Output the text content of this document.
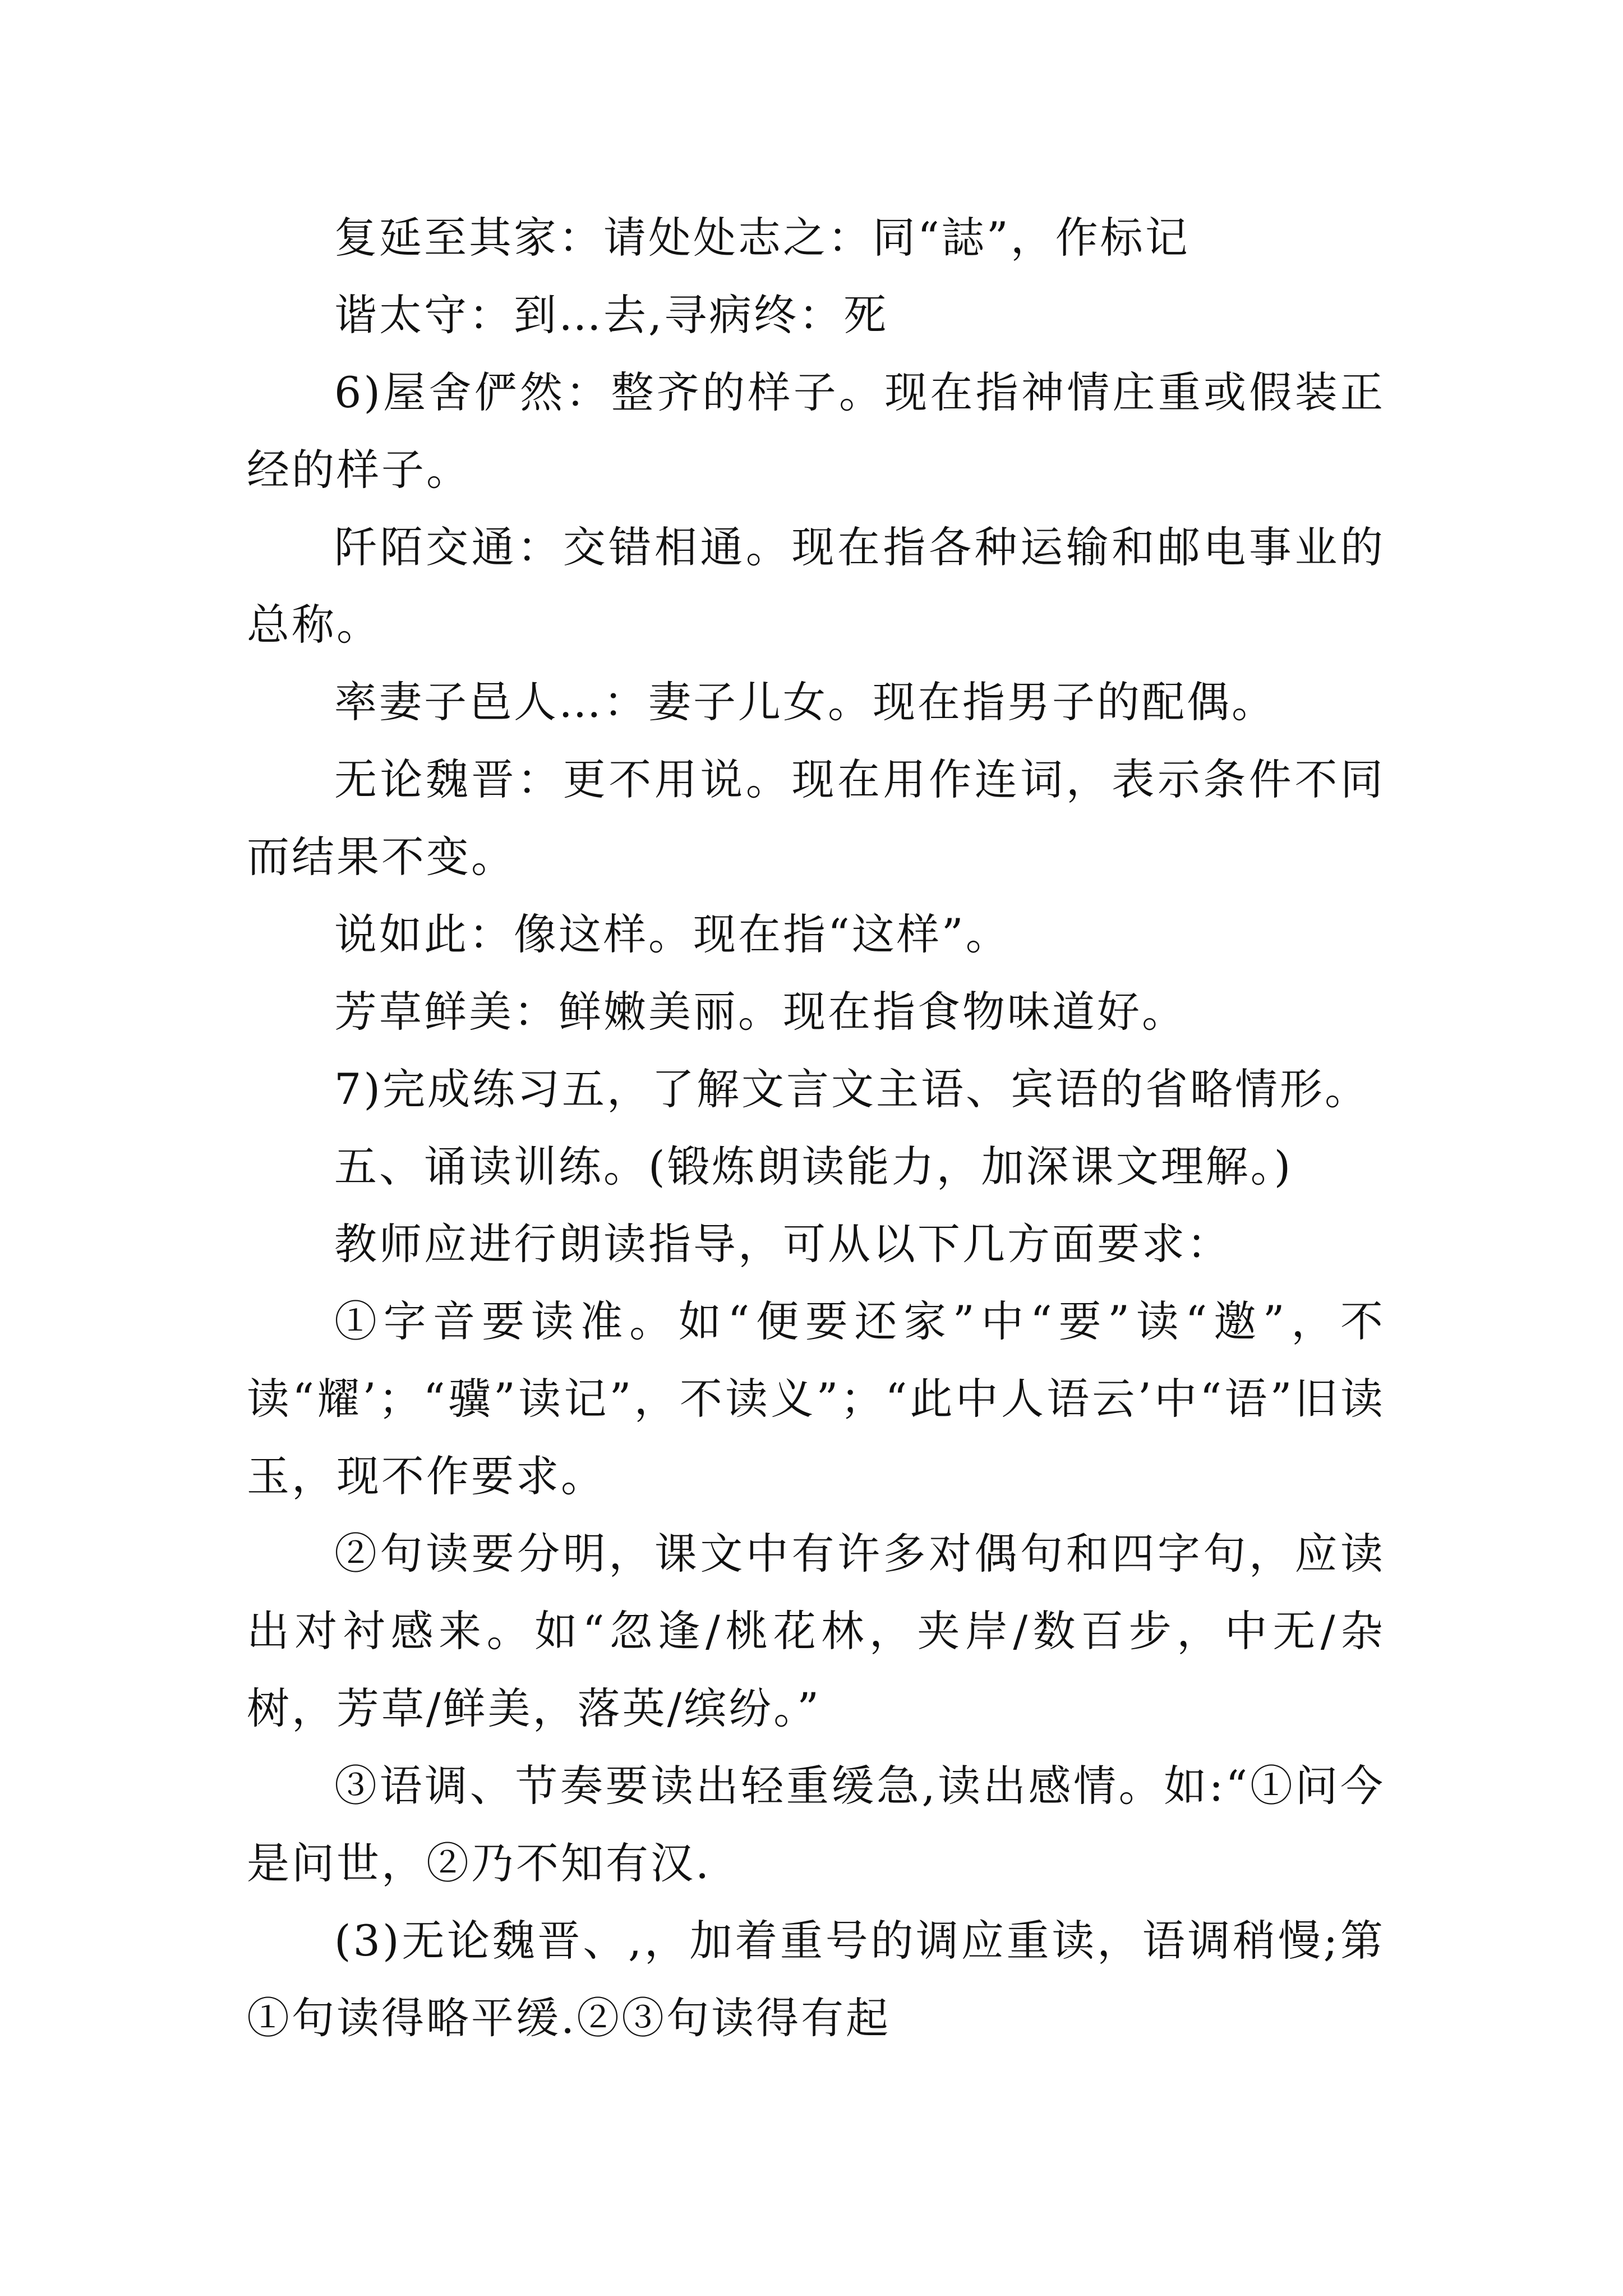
复延至其家：请处处志之：同“誌”，作标记

谐太守：到…去,寻病终：死

6)屋舍俨然：整齐的样子。现在指神情庄重或假装正经的样子。

阡陌交通：交错相通。现在指各种运输和邮电事业的总称。

率妻子邑人…：妻子儿女。现在指男子的配偶。

无论魏晋：更不用说。现在用作连词，表示条件不同而结果不变。

说如此：像这样。现在指“这样”。

芳草鲜美：鲜嫩美丽。现在指食物味道好。

7)完成练习五，了解文言文主语、宾语的省略情形。

五、诵读训练。(锻炼朗读能力，加深课文理解。)

教师应进行朗读指导，可从以下几方面要求：

①字音要读准。如“便要还家”中“要”读“邀”，不读“耀’；“骥”读记”，不读义”；“此中人语云’中“语”旧读玉，现不作要求。

②句读要分明，课文中有许多对偶句和四字句，应读出对衬感来。如“忽逢/桃花林，夹岸/数百步，中无/杂树，芳草/鲜美，落英/缤纷。”

③语调、节奏要读出轻重缓急,读出感情。如:“①问今是问世，②乃不知有汉.

(3)无论魏晋、,，加着重号的调应重读，语调稍慢;第①句读得略平缓.②③句读得有起
